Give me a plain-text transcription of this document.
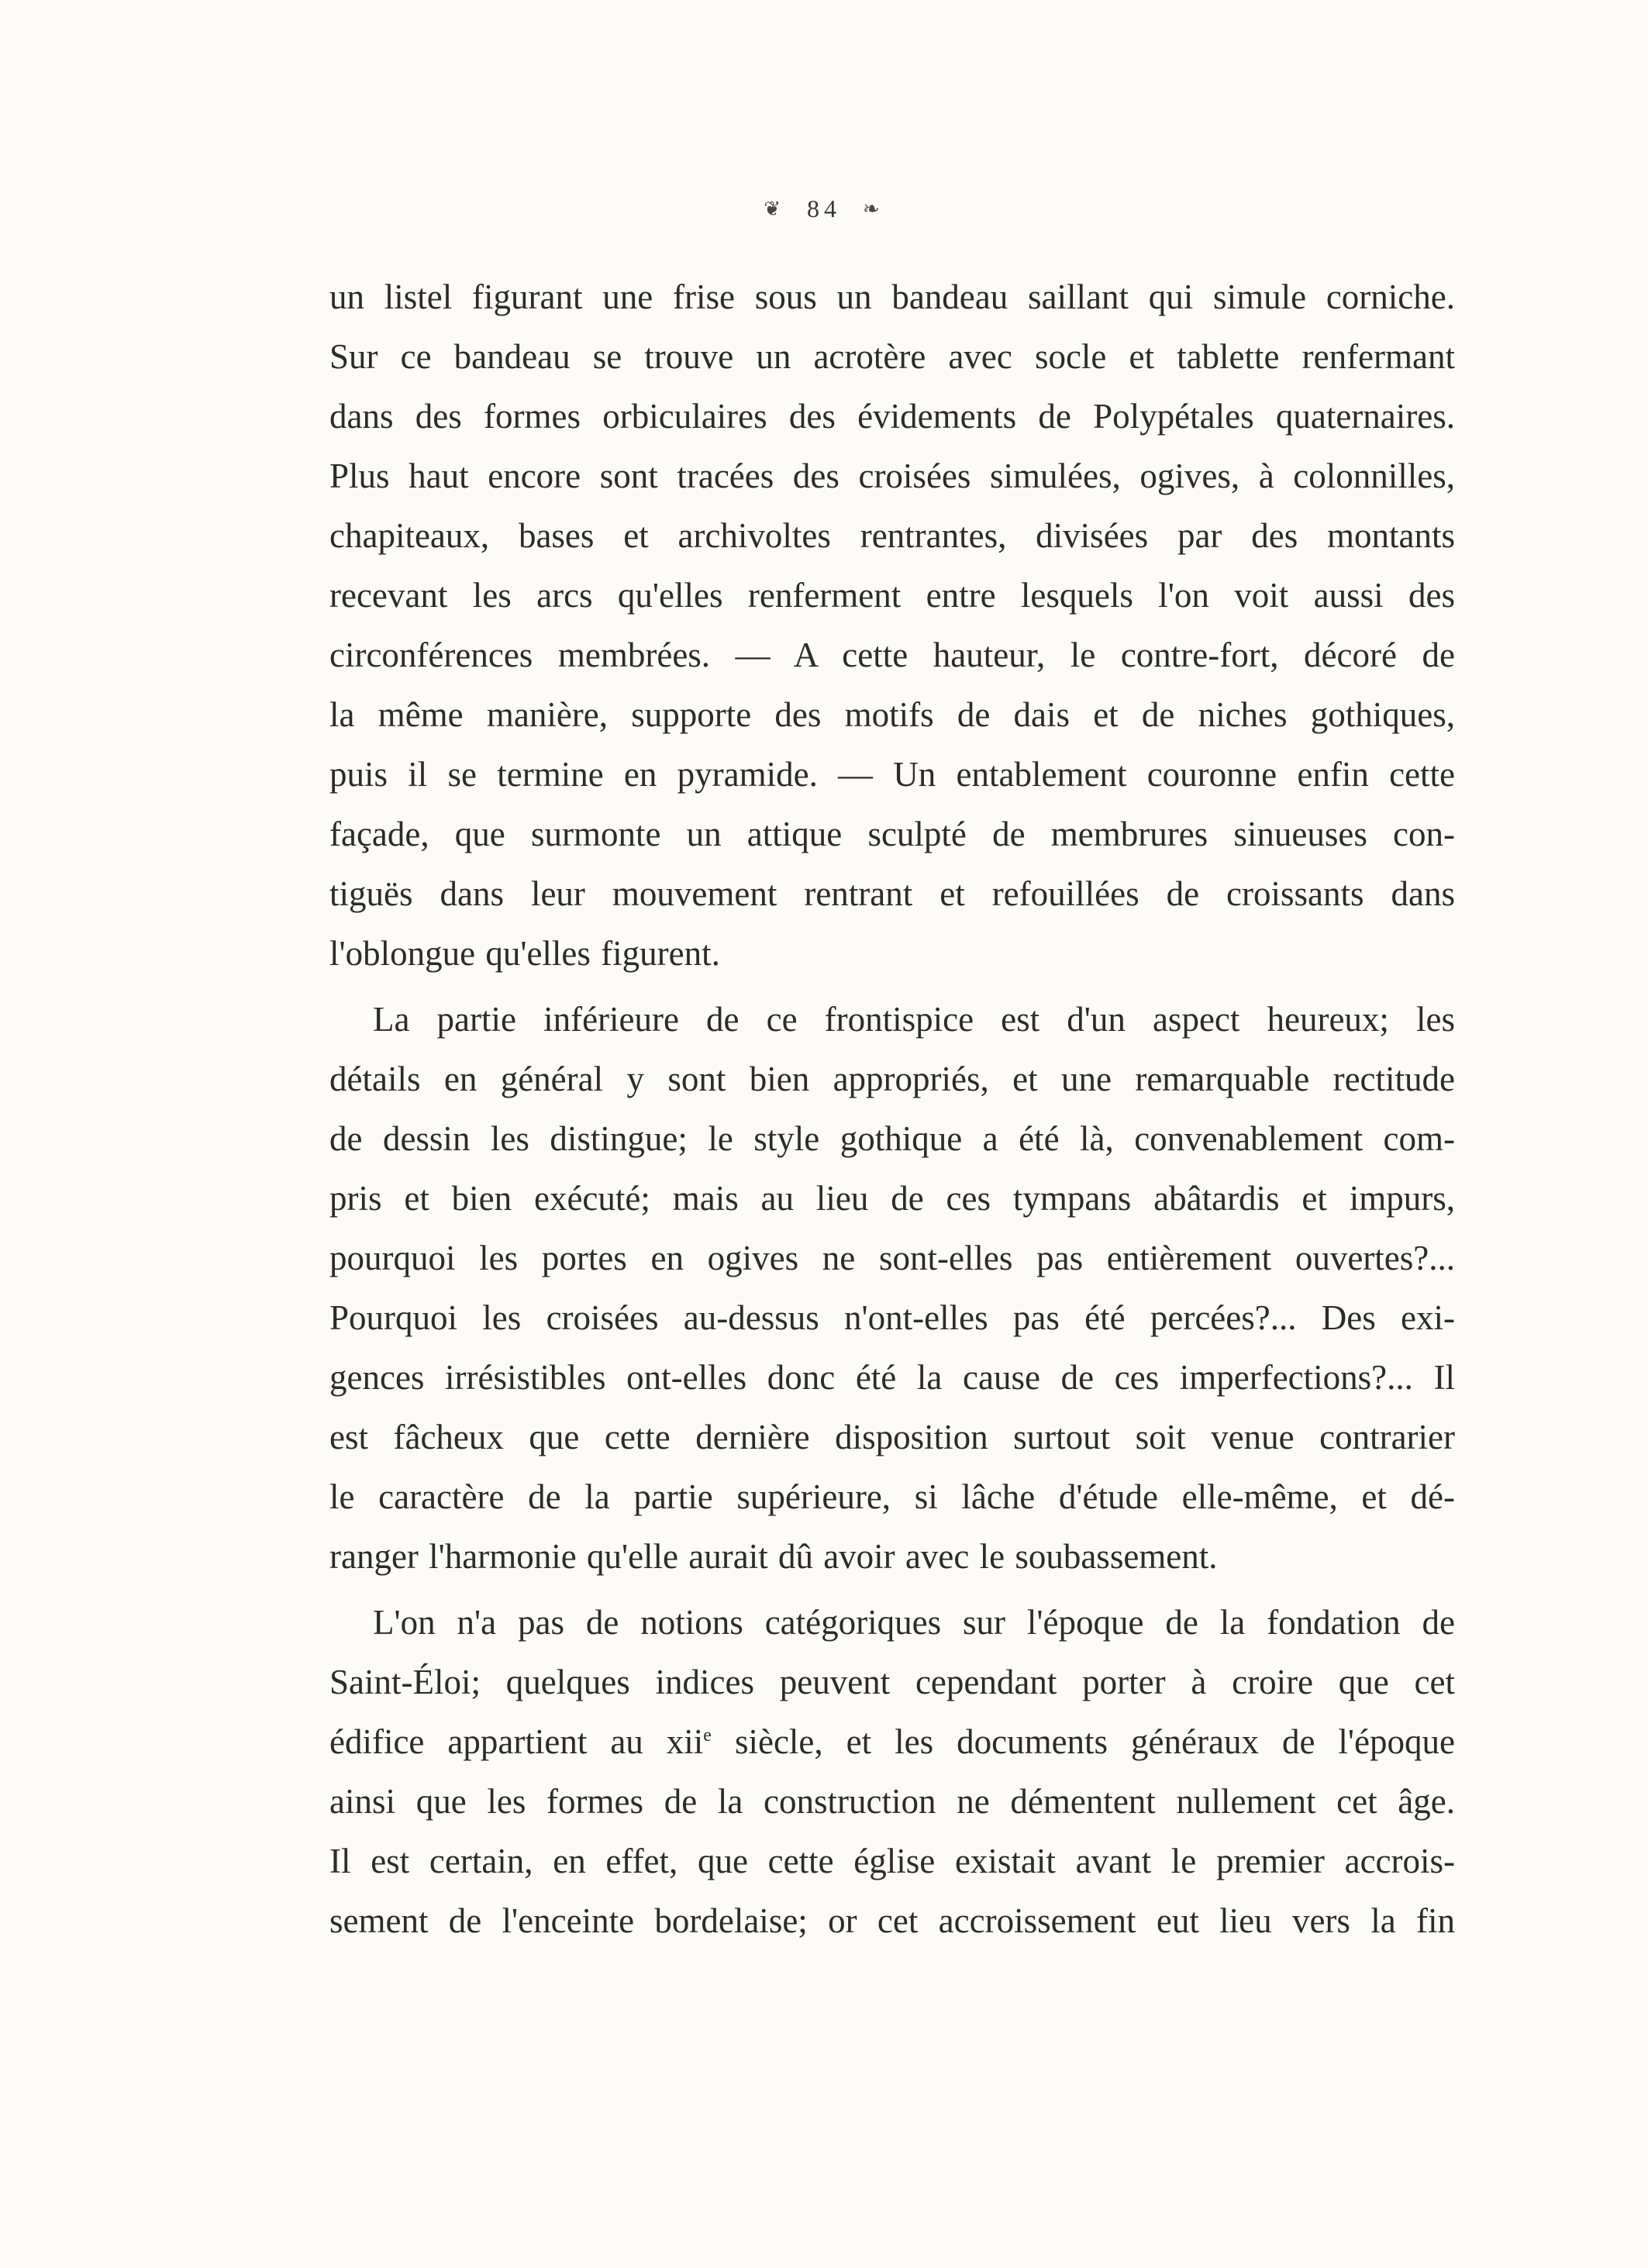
❦ 84 ❧
un listel figurant une frise sous un bandeau saillant qui simule corniche.
Sur ce bandeau se trouve un acrotère avec socle et tablette renfermant
dans des formes orbiculaires des évidements de Polypétales quaternaires.
Plus haut encore sont tracées des croisées simulées, ogives, à colonnilles,
chapiteaux, bases et archivoltes rentrantes, divisées par des montants
recevant les arcs qu'elles renferment entre lesquels l'on voit aussi des
circonférences membrées. — A cette hauteur, le contre-fort, décoré de
la même manière, supporte des motifs de dais et de niches gothiques,
puis il se termine en pyramide. — Un entablement couronne enfin cette
façade, que surmonte un attique sculpté de membrures sinueuses con-
tiguës dans leur mouvement rentrant et refouillées de croissants dans
l'oblongue qu'elles figurent.
La partie inférieure de ce frontispice est d'un aspect heureux; les
détails en général y sont bien appropriés, et une remarquable rectitude
de dessin les distingue; le style gothique a été là, convenablement com-
pris et bien exécuté; mais au lieu de ces tympans abâtardis et impurs,
pourquoi les portes en ogives ne sont-elles pas entièrement ouvertes?...
Pourquoi les croisées au-dessus n'ont-elles pas été percées?... Des exi-
gences irrésistibles ont-elles donc été la cause de ces imperfections?... Il
est fâcheux que cette dernière disposition surtout soit venue contrarier
le caractère de la partie supérieure, si lâche d'étude elle-même, et dé-
ranger l'harmonie qu'elle aurait dû avoir avec le soubassement.
L'on n'a pas de notions catégoriques sur l'époque de la fondation de
Saint-Éloi; quelques indices peuvent cependant porter à croire que cet
édifice appartient au xii$^e$ siècle, et les documents généraux de l'époque
ainsi que les formes de la construction ne démentent nullement cet âge.
Il est certain, en effet, que cette église existait avant le premier accrois-
sement de l'enceinte bordelaise; or cet accroissement eut lieu vers la fin
